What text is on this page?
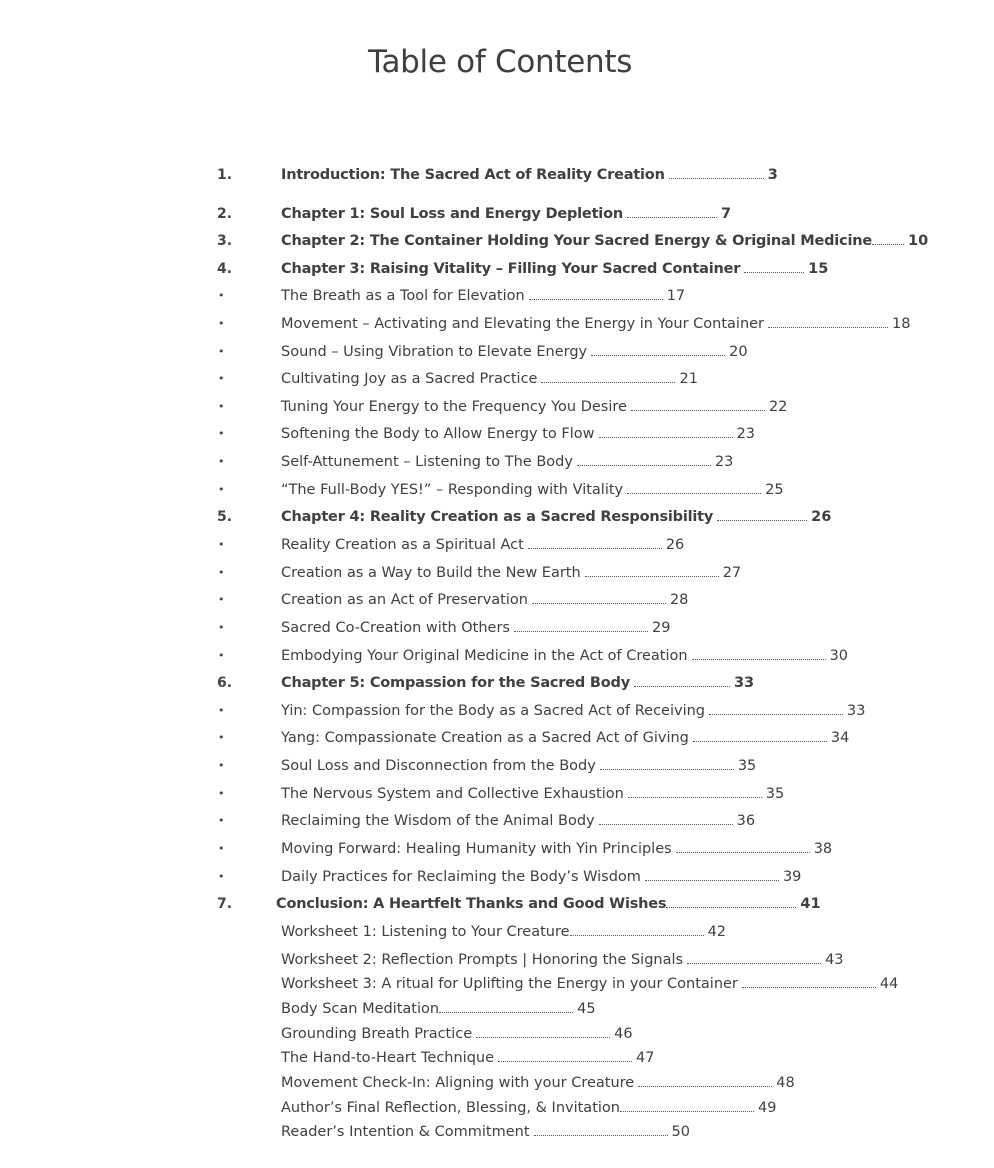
Table of Contents
1.	Introduction: The Sacred Act of Reality Creation	3
2.	Chapter 1: Soul Loss and Energy Depletion	7
3.	Chapter 2: The Container Holding Your Sacred Energy & Original Medicine 10
4.	Chapter 3: Raising Vitality – Filling Your Sacred Container	15
•	The Breath as a Tool for Elevation	17
•	Movement – Activating and Elevating the Energy in Your Container	18
•	Sound – Using Vibration to Elevate Energy	20
•	Cultivating Joy as a Sacred Practice	21
•	Tuning Your Energy to the Frequency You Desire	22
•	Softening the Body to Allow Energy to Flow	23
•	Self-Attunement – Listening to The Body	23
•	“The Full-Body YES!” – Responding with Vitality	25
5.	Chapter 4: Reality Creation as a Sacred Responsibility	26
•	Reality Creation as a Spiritual Act	26
•	Creation as a Way to Build the New Earth	27
•	Creation as an Act of Preservation	28
•	Sacred Co-Creation with Others	29
•	Embodying Your Original Medicine in the Act of Creation	30
6.	Chapter 5: Compassion for the Sacred Body	33
•	Yin: Compassion for the Body as a Sacred Act of Receiving	33
•	Yang: Compassionate Creation as a Sacred Act of Giving	34
•	Soul Loss and Disconnection from the Body	35
•	The Nervous System and Collective Exhaustion	35
•	Reclaiming the Wisdom of the Animal Body	36
•	Moving Forward: Healing Humanity with Yin Principles	38
•	Daily Practices for Reclaiming the Body’s Wisdom	39
7.	Conclusion: A Heartfelt Thanks and Good Wishes	41
Worksheet 1: Listening to Your Creature	42
Worksheet 2: Reflection Prompts | Honoring the Signals	43
Worksheet 3: A ritual for Uplifting the Energy in your Container	44
Body Scan Meditation	45
Grounding Breath Practice	46
The Hand-to-Heart Technique	47
Movement Check-In: Aligning with your Creature	48
Author’s Final Reflection, Blessing, & Invitation	49
Reader’s Intention & Commitment	50
